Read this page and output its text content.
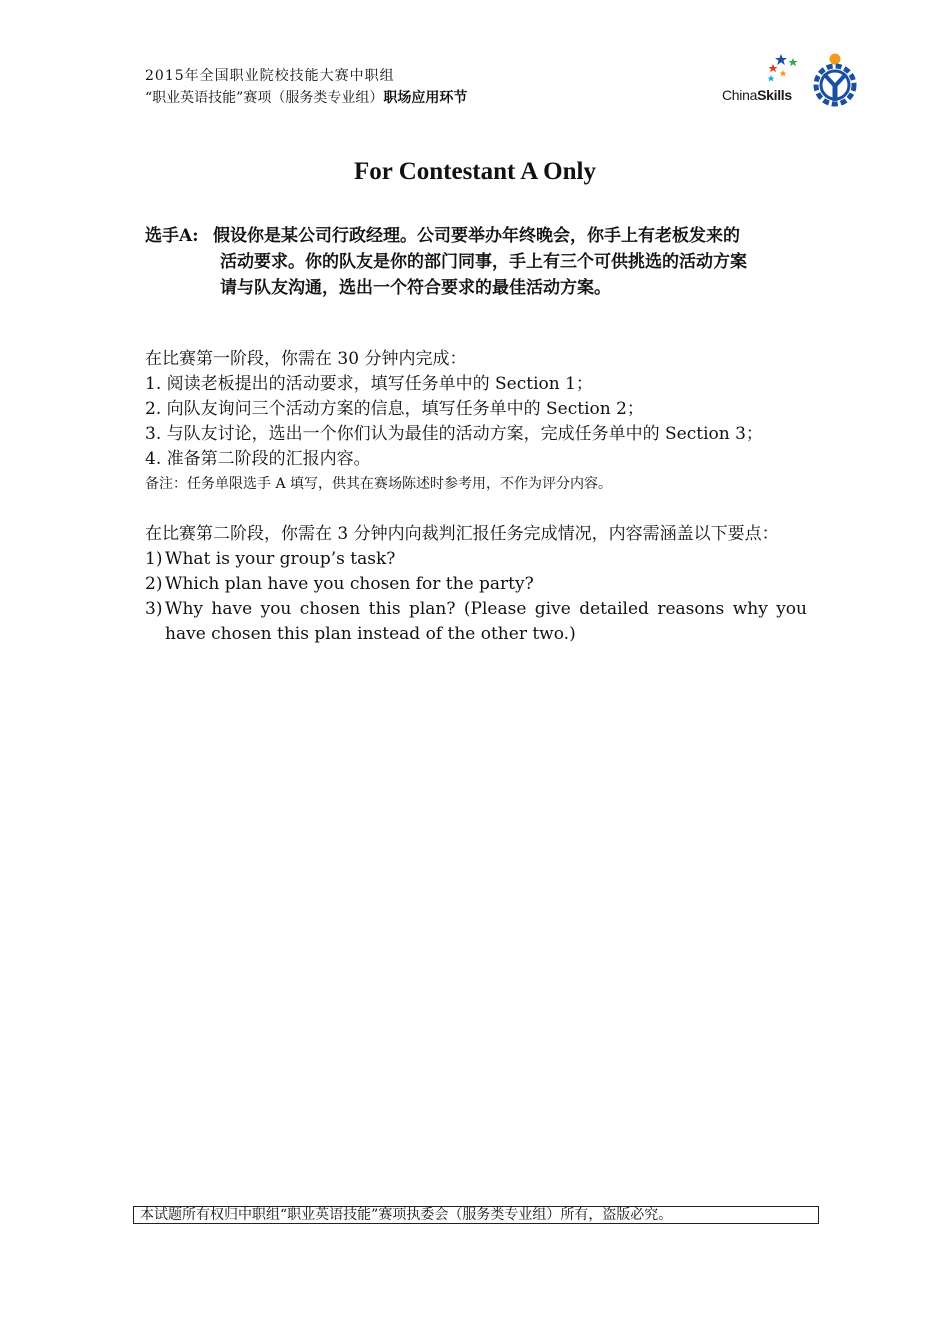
2015年全国职业院校技能大赛中职组
“职业英语技能”赛项（服务类专业组）职场应用环节	ChinaSkills
For Contestant A Only
选手A: 假设你是某公司行政经理。公司要举办年终晚会，你手上有老板发来的
活动要求。你的队友是你的部门同事，手上有三个可供挑选的活动方案
请与队友沟通，选出一个符合要求的最佳活动方案。
在比赛第一阶段，你需在 30 分钟内完成：
1. 阅读老板提出的活动要求，填写任务单中的 Section 1；
2. 向队友询问三个活动方案的信息，填写任务单中的 Section 2；
3. 与队友讨论，选出一个你们认为最佳的活动方案，完成任务单中的 Section 3；
4. 准备第二阶段的汇报内容。
备注：任务单限选手 A 填写，供其在赛场陈述时参考用，不作为评分内容。
在比赛第二阶段，你需在 3 分钟内向裁判汇报任务完成情况，内容需涵盖以下要点：
1) What is your group’s task?
2) Which plan have you chosen for the party?
3) Why have you chosen this plan? (Please give detailed reasons why you have chosen this plan instead of the other two.)
本试题所有权归中职组“职业英语技能”赛项执委会（服务类专业组）所有，盗版必究。
